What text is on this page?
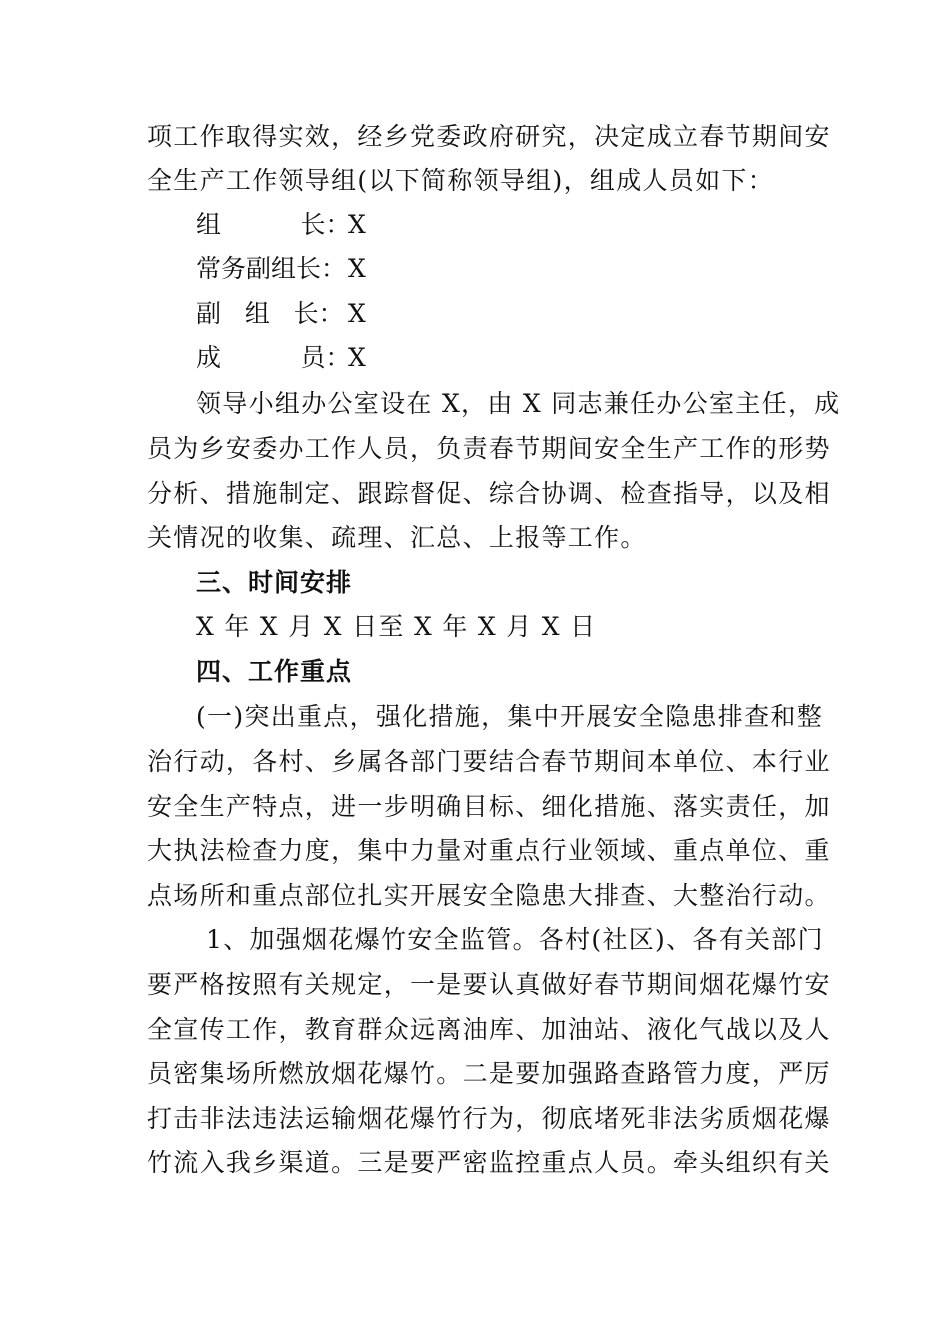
项工作取得实效，经乡党委政府研究，决定成立春节期间安
全生产工作领导组(以下简称领导组)，组成人员如下：
组          长：X
常务副组长：X
副   组   长： X
成          员：X
领导小组办公室设在 X，由 X 同志兼任办公室主任，成
员为乡安委办工作人员，负责春节期间安全生产工作的形势
分析、措施制定、跟踪督促、综合协调、检查指导，以及相
关情况的收集、疏理、汇总、上报等工作。
三、时间安排
X 年 X 月 X 日至 X 年 X 月 X 日
四、工作重点
(一)突出重点，强化措施，集中开展安全隐患排查和整
治行动，各村、乡属各部门要结合春节期间本单位、本行业
安全生产特点，进一步明确目标、细化措施、落实责任，加
大执法检查力度，集中力量对重点行业领域、重点单位、重
点场所和重点部位扎实开展安全隐患大排查、大整治行动。
1、加强烟花爆竹安全监管。各村(社区)、各有关部门
要严格按照有关规定，一是要认真做好春节期间烟花爆竹安
全宣传工作，教育群众远离油库、加油站、液化气战以及人
员密集场所燃放烟花爆竹。二是要加强路查路管力度，严厉
打击非法违法运输烟花爆竹行为，彻底堵死非法劣质烟花爆
竹流入我乡渠道。三是要严密监控重点人员。牵头组织有关
